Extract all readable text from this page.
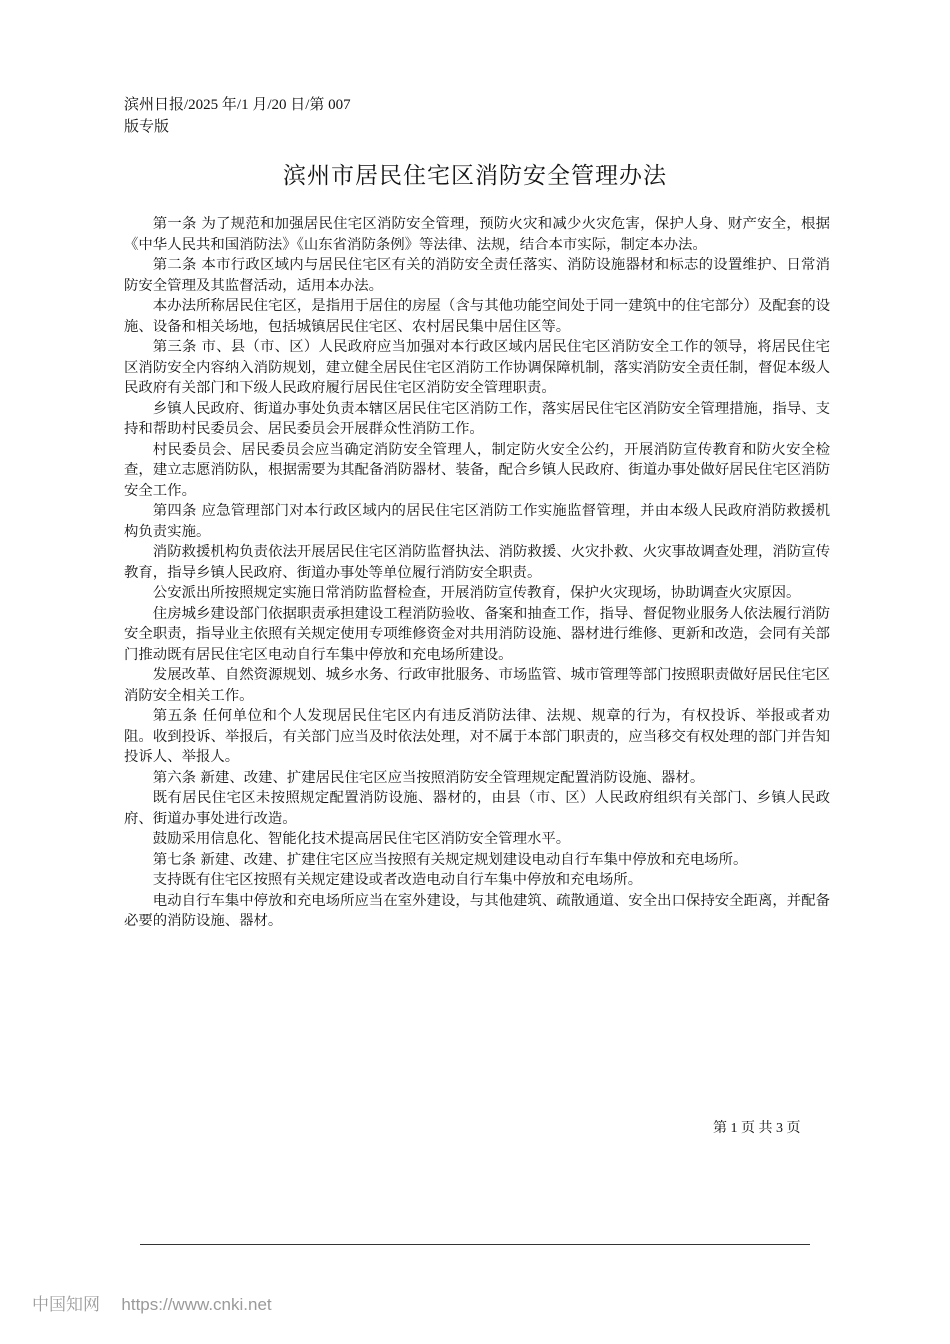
滨州日报/2025 年/1 月/20 日/第 007
版专版
滨州市居民住宅区消防安全管理办法

第一条 为了规范和加强居民住宅区消防安全管理，预防火灾和减少火灾危害，保护人身、财产安全，根据《中华人民共和国消防法》《山东省消防条例》等法律、法规，结合本市实际，制定本办法。

第二条 本市行政区域内与居民住宅区有关的消防安全责任落实、消防设施器材和标志的设置维护、日常消防安全管理及其监督活动，适用本办法。

本办法所称居民住宅区，是指用于居住的房屋（含与其他功能空间处于同一建筑中的住宅部分）及配套的设施、设备和相关场地，包括城镇居民住宅区、农村居民集中居住区等。

第三条 市、县（市、区）人民政府应当加强对本行政区域内居民住宅区消防安全工作的领导，将居民住宅区消防安全内容纳入消防规划，建立健全居民住宅区消防工作协调保障机制，落实消防安全责任制，督促本级人民政府有关部门和下级人民政府履行居民住宅区消防安全管理职责。

乡镇人民政府、街道办事处负责本辖区居民住宅区消防工作，落实居民住宅区消防安全管理措施，指导、支持和帮助村民委员会、居民委员会开展群众性消防工作。

村民委员会、居民委员会应当确定消防安全管理人，制定防火安全公约，开展消防宣传教育和防火安全检查，建立志愿消防队，根据需要为其配备消防器材、装备，配合乡镇人民政府、街道办事处做好居民住宅区消防安全工作。

第四条 应急管理部门对本行政区域内的居民住宅区消防工作实施监督管理，并由本级人民政府消防救援机构负责实施。

消防救援机构负责依法开展居民住宅区消防监督执法、消防救援、火灾扑救、火灾事故调查处理，消防宣传教育，指导乡镇人民政府、街道办事处等单位履行消防安全职责。

公安派出所按照规定实施日常消防监督检查，开展消防宣传教育，保护火灾现场，协助调查火灾原因。

住房城乡建设部门依据职责承担建设工程消防验收、备案和抽查工作，指导、督促物业服务人依法履行消防安全职责，指导业主依照有关规定使用专项维修资金对共用消防设施、器材进行维修、更新和改造，会同有关部门推动既有居民住宅区电动自行车集中停放和充电场所建设。

发展改革、自然资源规划、城乡水务、行政审批服务、市场监管、城市管理等部门按照职责做好居民住宅区消防安全相关工作。

第五条 任何单位和个人发现居民住宅区内有违反消防法律、法规、规章的行为，有权投诉、举报或者劝阻。收到投诉、举报后，有关部门应当及时依法处理，对不属于本部门职责的，应当移交有权处理的部门并告知投诉人、举报人。

第六条 新建、改建、扩建居民住宅区应当按照消防安全管理规定配置消防设施、器材。

既有居民住宅区未按照规定配置消防设施、器材的，由县（市、区）人民政府组织有关部门、乡镇人民政府、街道办事处进行改造。

鼓励采用信息化、智能化技术提高居民住宅区消防安全管理水平。

第七条 新建、改建、扩建住宅区应当按照有关规定规划建设电动自行车集中停放和充电场所。

支持既有住宅区按照有关规定建设或者改造电动自行车集中停放和充电场所。

电动自行车集中停放和充电场所应当在室外建设，与其他建筑、疏散通道、安全出口保持安全距离，并配备必要的消防设施、器材。

第 1 页 共 3 页
中国知网 https://www.cnki.net
